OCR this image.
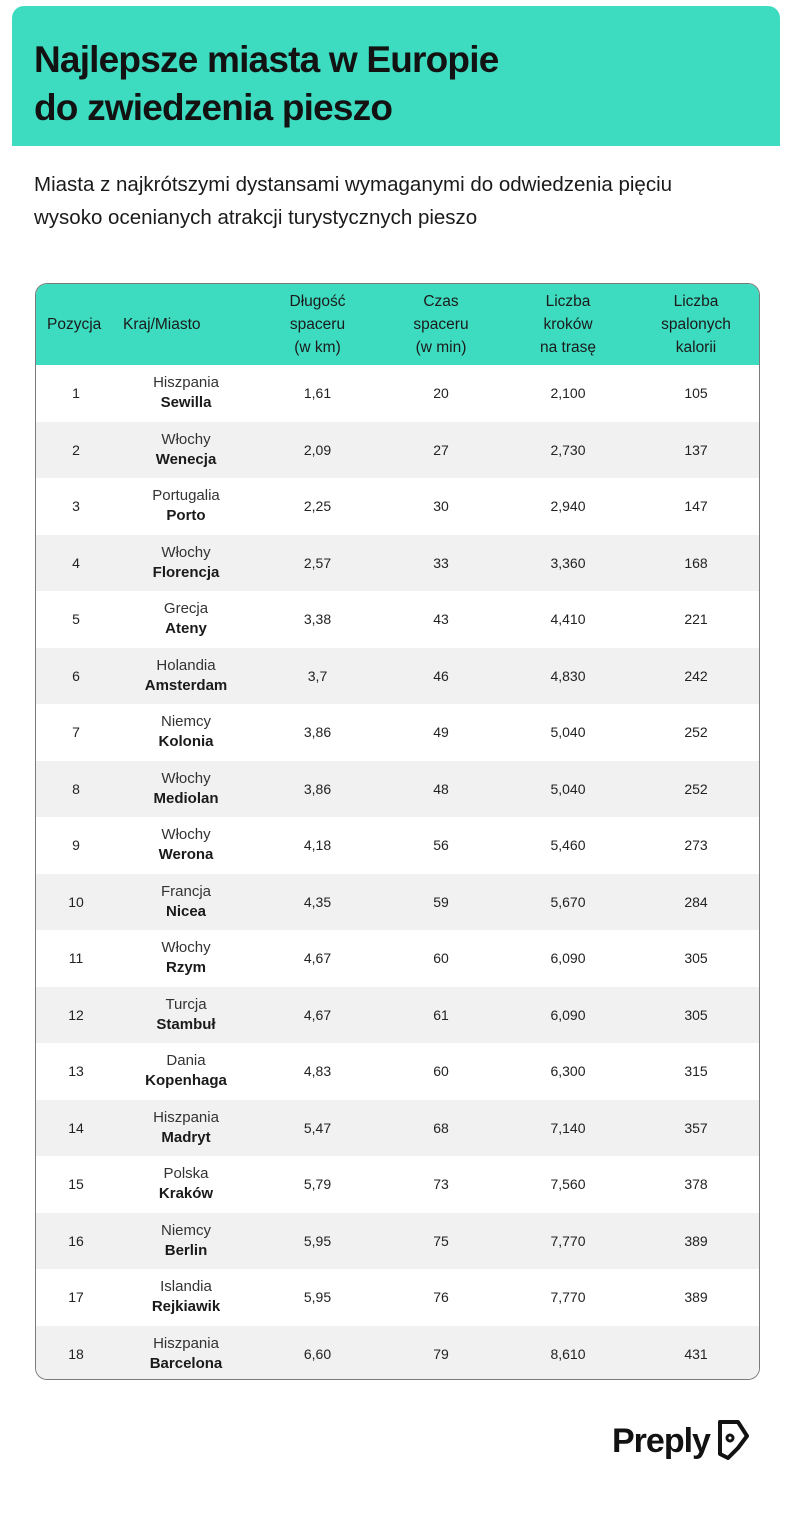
Najlepsze miasta w Europie
do zwiedzenia pieszo

Miasta z najkrótszymi dystansami wymaganymi do odwiedzenia pięciu
wysoko ocenianych atrakcji turystycznych pieszo

Pozycja	Kraj/Miasto	Długość
spaceru
(w km)	Czas
spaceru
(w min)	Liczba
kroków
na trasę	Liczba
spalonych
kalorii
1	Hiszpania
Sewilla	1,61	20	2,100	105
2	Włochy
Wenecja	2,09	27	2,730	137
3	Portugalia
Porto	2,25	30	2,940	147
4	Włochy
Florencja	2,57	33	3,360	168
5	Grecja
Ateny	3,38	43	4,410	221
6	Holandia
Amsterdam	3,7	46	4,830	242
7	Niemcy
Kolonia	3,86	49	5,040	252
8	Włochy
Mediolan	3,86	48	5,040	252
9	Włochy
Werona	4,18	56	5,460	273
10	Francja
Nicea	4,35	59	5,670	284
11	Włochy
Rzym	4,67	60	6,090	305
12	Turcja
Stambuł	4,67	61	6,090	305
13	Dania
Kopenhaga	4,83	60	6,300	315
14	Hiszpania
Madryt	5,47	68	7,140	357
15	Polska
Kraków	5,79	73	7,560	378
16	Niemcy
Berlin	5,95	75	7,770	389
17	Islandia
Rejkiawik	5,95	76	7,770	389
18	Hiszpania
Barcelona	6,60	79	8,610	431
Preply
